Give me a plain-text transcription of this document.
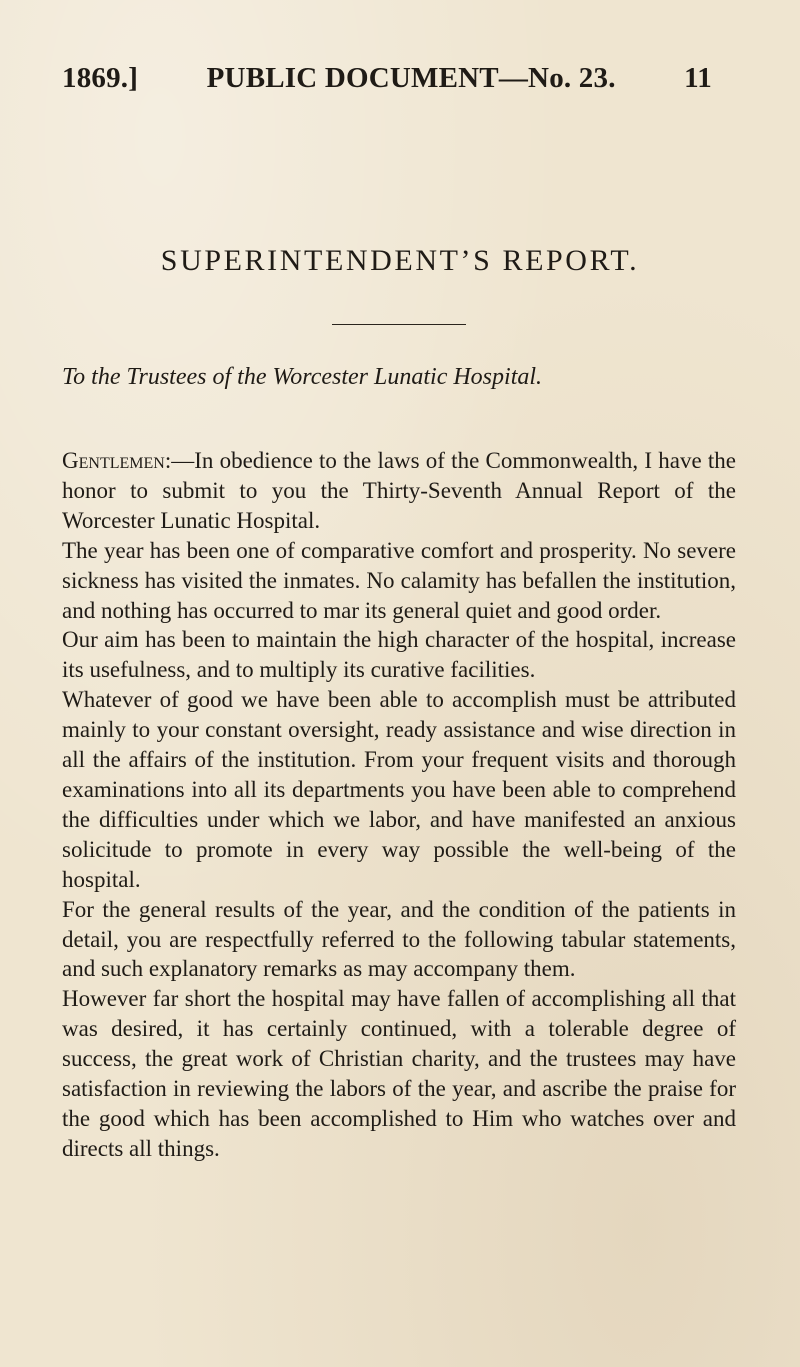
1869.] PUBLIC DOCUMENT—No. 23. 11
SUPERINTENDENT’S REPORT.
To the Trustees of the Worcester Lunatic Hospital.

Gentlemen:—In obedience to the laws of the Commonwealth, I have the honor to submit to you the Thirty-Seventh Annual Report of the Worcester Lunatic Hospital.

The year has been one of comparative comfort and prosperity. No severe sickness has visited the inmates. No calamity has befallen the institution, and nothing has occurred to mar its general quiet and good order.

Our aim has been to maintain the high character of the hospital, increase its usefulness, and to multiply its curative facilities.

Whatever of good we have been able to accomplish must be attributed mainly to your constant oversight, ready assistance and wise direction in all the affairs of the institution. From your frequent visits and thorough examinations into all its departments you have been able to comprehend the difficulties under which we labor, and have manifested an anxious solicitude to promote in every way possible the well-being of the hospital.

For the general results of the year, and the condition of the patients in detail, you are respectfully referred to the following tabular statements, and such explanatory remarks as may accompany them.

However far short the hospital may have fallen of accomplishing all that was desired, it has certainly continued, with a tolerable degree of success, the great work of Christian charity, and the trustees may have satisfaction in reviewing the labors of the year, and ascribe the praise for the good which has been accomplished to Him who watches over and directs all things.
